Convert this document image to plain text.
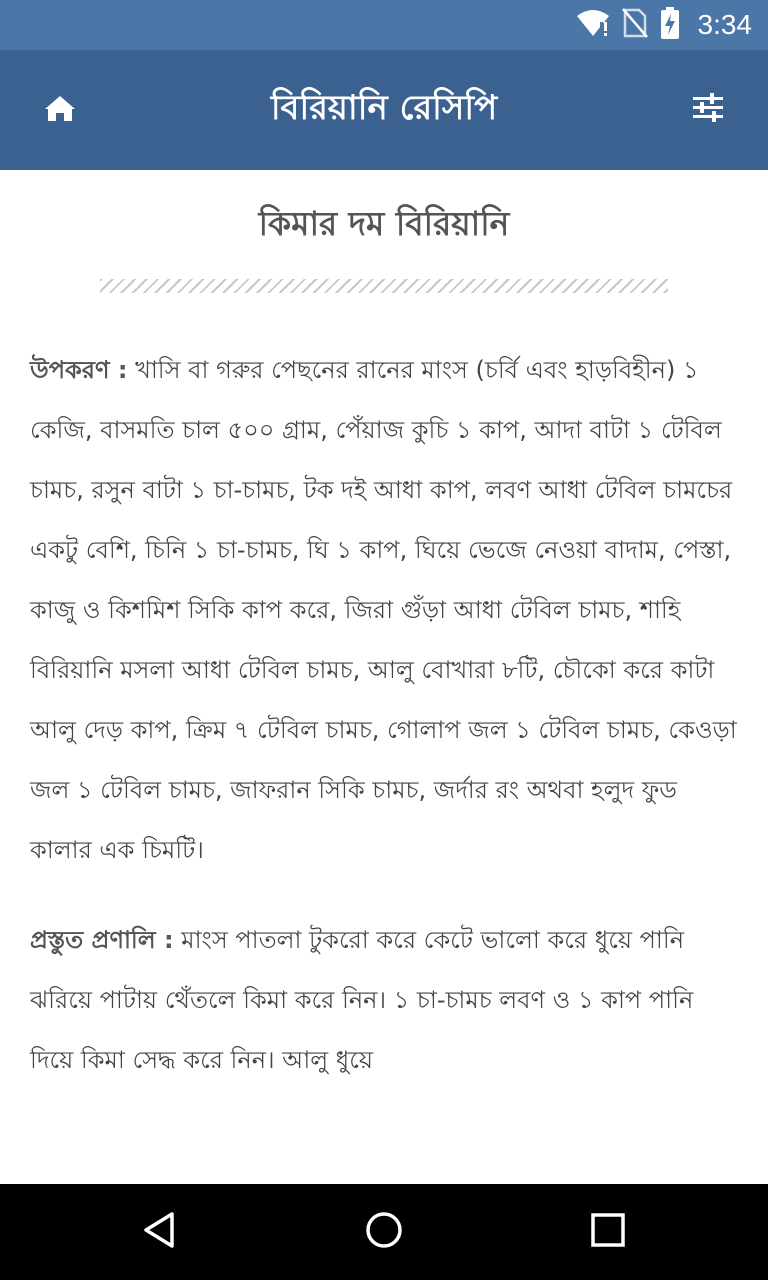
3:34
বিরিয়ানি রেসিপি
কিমার দম বিরিয়ানি

উপকরণ : খাসি বা গরুর পেছনের রানের মাংস (চর্বি এবং হাড়বিহীন) ১ কেজি, বাসমতি চাল ৫০০ গ্রাম, পেঁয়াজ কুচি ১ কাপ, আদা বাটা ১ টেবিল চামচ, রসুন বাটা ১ চা-চামচ, টক দই আধা কাপ, লবণ আধা টেবিল চামচের একটু বেশি, চিনি ১ চা-চামচ, ঘি ১ কাপ, ঘিয়ে ভেজে নেওয়া বাদাম, পেস্তা, কাজু ও কিশমিশ সিকি কাপ করে, জিরা গুঁড়া আধা টেবিল চামচ, শাহি বিরিয়ানি মসলা আধা টেবিল চামচ, আলু বোখারা ৮টি, চৌকো করে কাটা আলু দেড় কাপ, ক্রিম ৭ টেবিল চামচ, গোলাপ জল ১ টেবিল চামচ, কেওড়া জল ১ টেবিল চামচ, জাফরান সিকি চামচ, জর্দার রং অথবা হলুদ ফুড কালার এক চিমটি।

প্রস্তুত প্রণালি : মাংস পাতলা টুকরো করে কেটে ভালো করে ধুয়ে পানি ঝরিয়ে পাটায় থেঁতলে কিমা করে নিন। ১ চা-চামচ লবণ ও ১ কাপ পানি দিয়ে কিমা সেদ্ধ করে নিন। আলু ধুয়ে
